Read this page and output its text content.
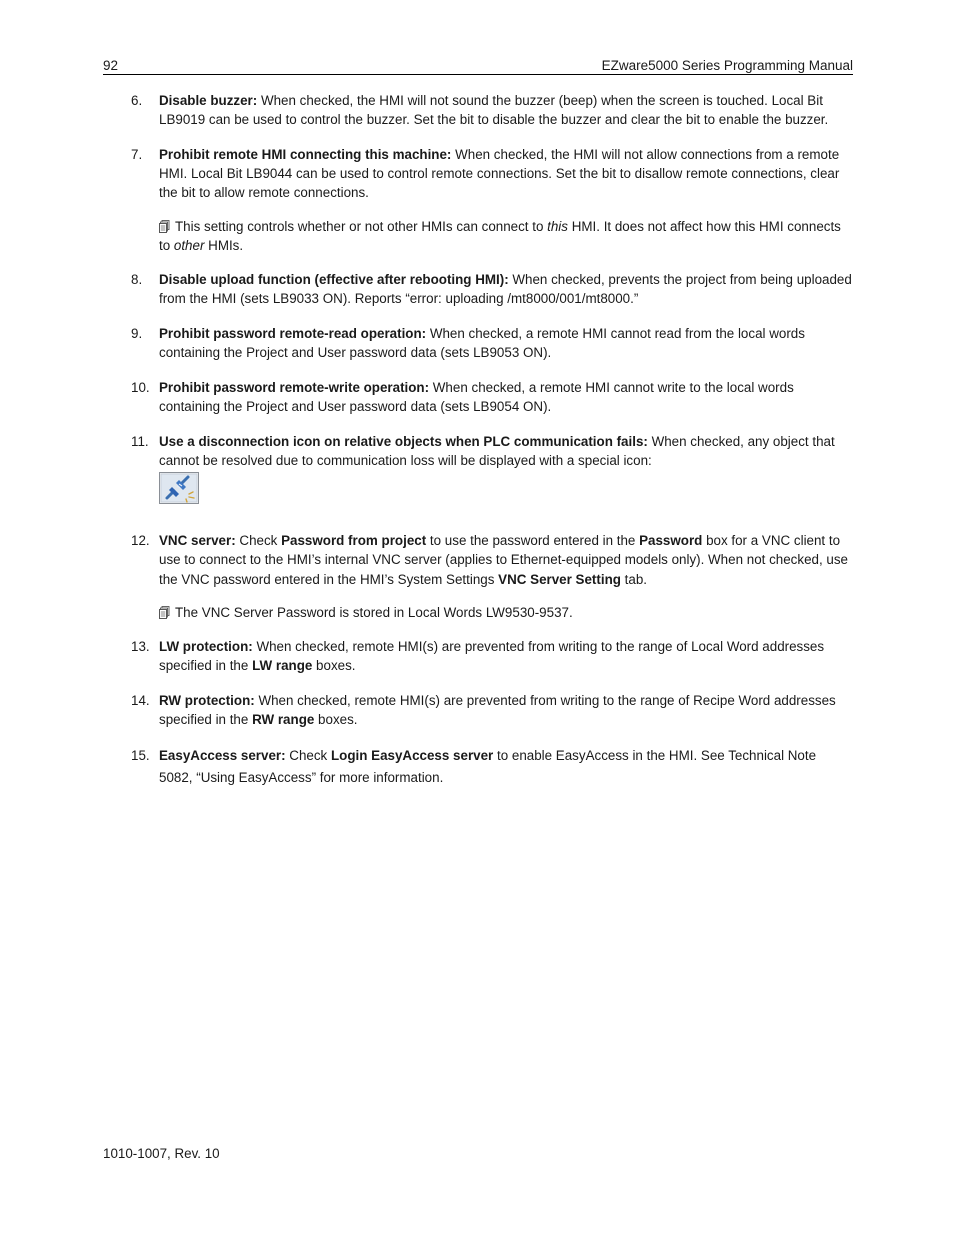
92	EZware5000 Series Programming Manual
6. Disable buzzer: When checked, the HMI will not sound the buzzer (beep) when the screen is touched. Local Bit LB9019 can be used to control the buzzer. Set the bit to disable the buzzer and clear the bit to enable the buzzer.

7. Prohibit remote HMI connecting this machine: When checked, the HMI will not allow connections from a remote HMI. Local Bit LB9044 can be used to control remote connections. Set the bit to disallow remote connections, clear the bit to allow remote connections.

This setting controls whether or not other HMIs can connect to this HMI. It does not affect how this HMI connects to other HMIs.
8. Disable upload function (effective after rebooting HMI): When checked, prevents the project from being uploaded from the HMI (sets LB9033 ON). Reports “error: uploading /mt8000/001/mt8000.”

9. Prohibit password remote-read operation: When checked, a remote HMI cannot read from the local words containing the Project and User password data (sets LB9053 ON).

10. Prohibit password remote-write operation: When checked, a remote HMI cannot write to the local words containing the Project and User password data (sets LB9054 ON).

11. Use a disconnection icon on relative objects when PLC communication fails: When checked, any object that cannot be resolved due to communication loss will be displayed with a special icon:

12. VNC server: Check Password from project to use the password entered in the Password box for a VNC client to use to connect to the HMI’s internal VNC server (applies to Ethernet-equipped models only). When not checked, use the VNC password entered in the HMI’s System Settings VNC Server Setting tab.

The VNC Server Password is stored in Local Words LW9530-9537.
13. LW protection: When checked, remote HMI(s) are prevented from writing to the range of Local Word addresses specified in the LW range boxes.

14. RW protection: When checked, remote HMI(s) are prevented from writing to the range of Recipe Word addresses specified in the RW range boxes.

15. EasyAccess server: Check Login EasyAccess server to enable EasyAccess in the HMI. See Technical Note 5082, “Using EasyAccess” for more information.

1010-1007, Rev. 10
